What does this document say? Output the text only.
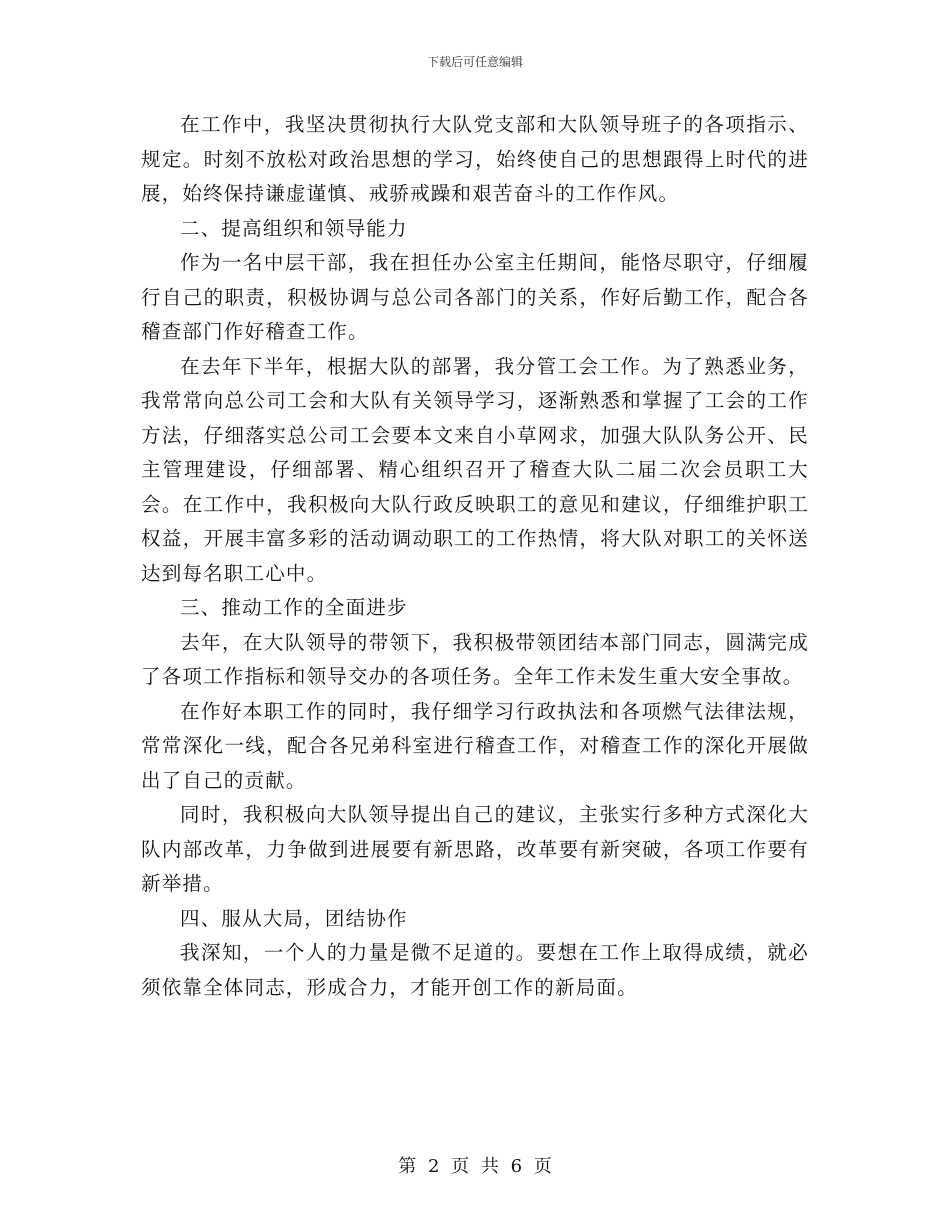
下载后可任意编辑

在工作中，我坚决贯彻执行大队党支部和大队领导班子的各项指示、规定。时刻不放松对政治思想的学习，始终使自己的思想跟得上时代的进展，始终保持谦虚谨慎、戒骄戒躁和艰苦奋斗的工作作风。

二、提高组织和领导能力

作为一名中层干部，我在担任办公室主任期间，能恪尽职守，仔细履行自己的职责，积极协调与总公司各部门的关系，作好后勤工作，配合各稽查部门作好稽查工作。

在去年下半年，根据大队的部署，我分管工会工作。为了熟悉业务，我常常向总公司工会和大队有关领导学习，逐渐熟悉和掌握了工会的工作方法，仔细落实总公司工会要本文来自小草网求，加强大队队务公开、民主管理建设，仔细部署、精心组织召开了稽查大队二届二次会员职工大会。在工作中，我积极向大队行政反映职工的意见和建议，仔细维护职工权益，开展丰富多彩的活动调动职工的工作热情，将大队对职工的关怀送达到每名职工心中。

三、推动工作的全面进步

去年，在大队领导的带领下，我积极带领团结本部门同志，圆满完成了各项工作指标和领导交办的各项任务。全年工作未发生重大安全事故。

在作好本职工作的同时，我仔细学习行政执法和各项燃气法律法规，常常深化一线，配合各兄弟科室进行稽查工作，对稽查工作的深化开展做出了自己的贡献。

同时，我积极向大队领导提出自己的建议，主张实行多种方式深化大队内部改革，力争做到进展要有新思路，改革要有新突破，各项工作要有新举措。

四、服从大局，团结协作

我深知，一个人的力量是微不足道的。要想在工作上取得成绩，就必须依靠全体同志，形成合力，才能开创工作的新局面。

第 2 页 共 6 页
